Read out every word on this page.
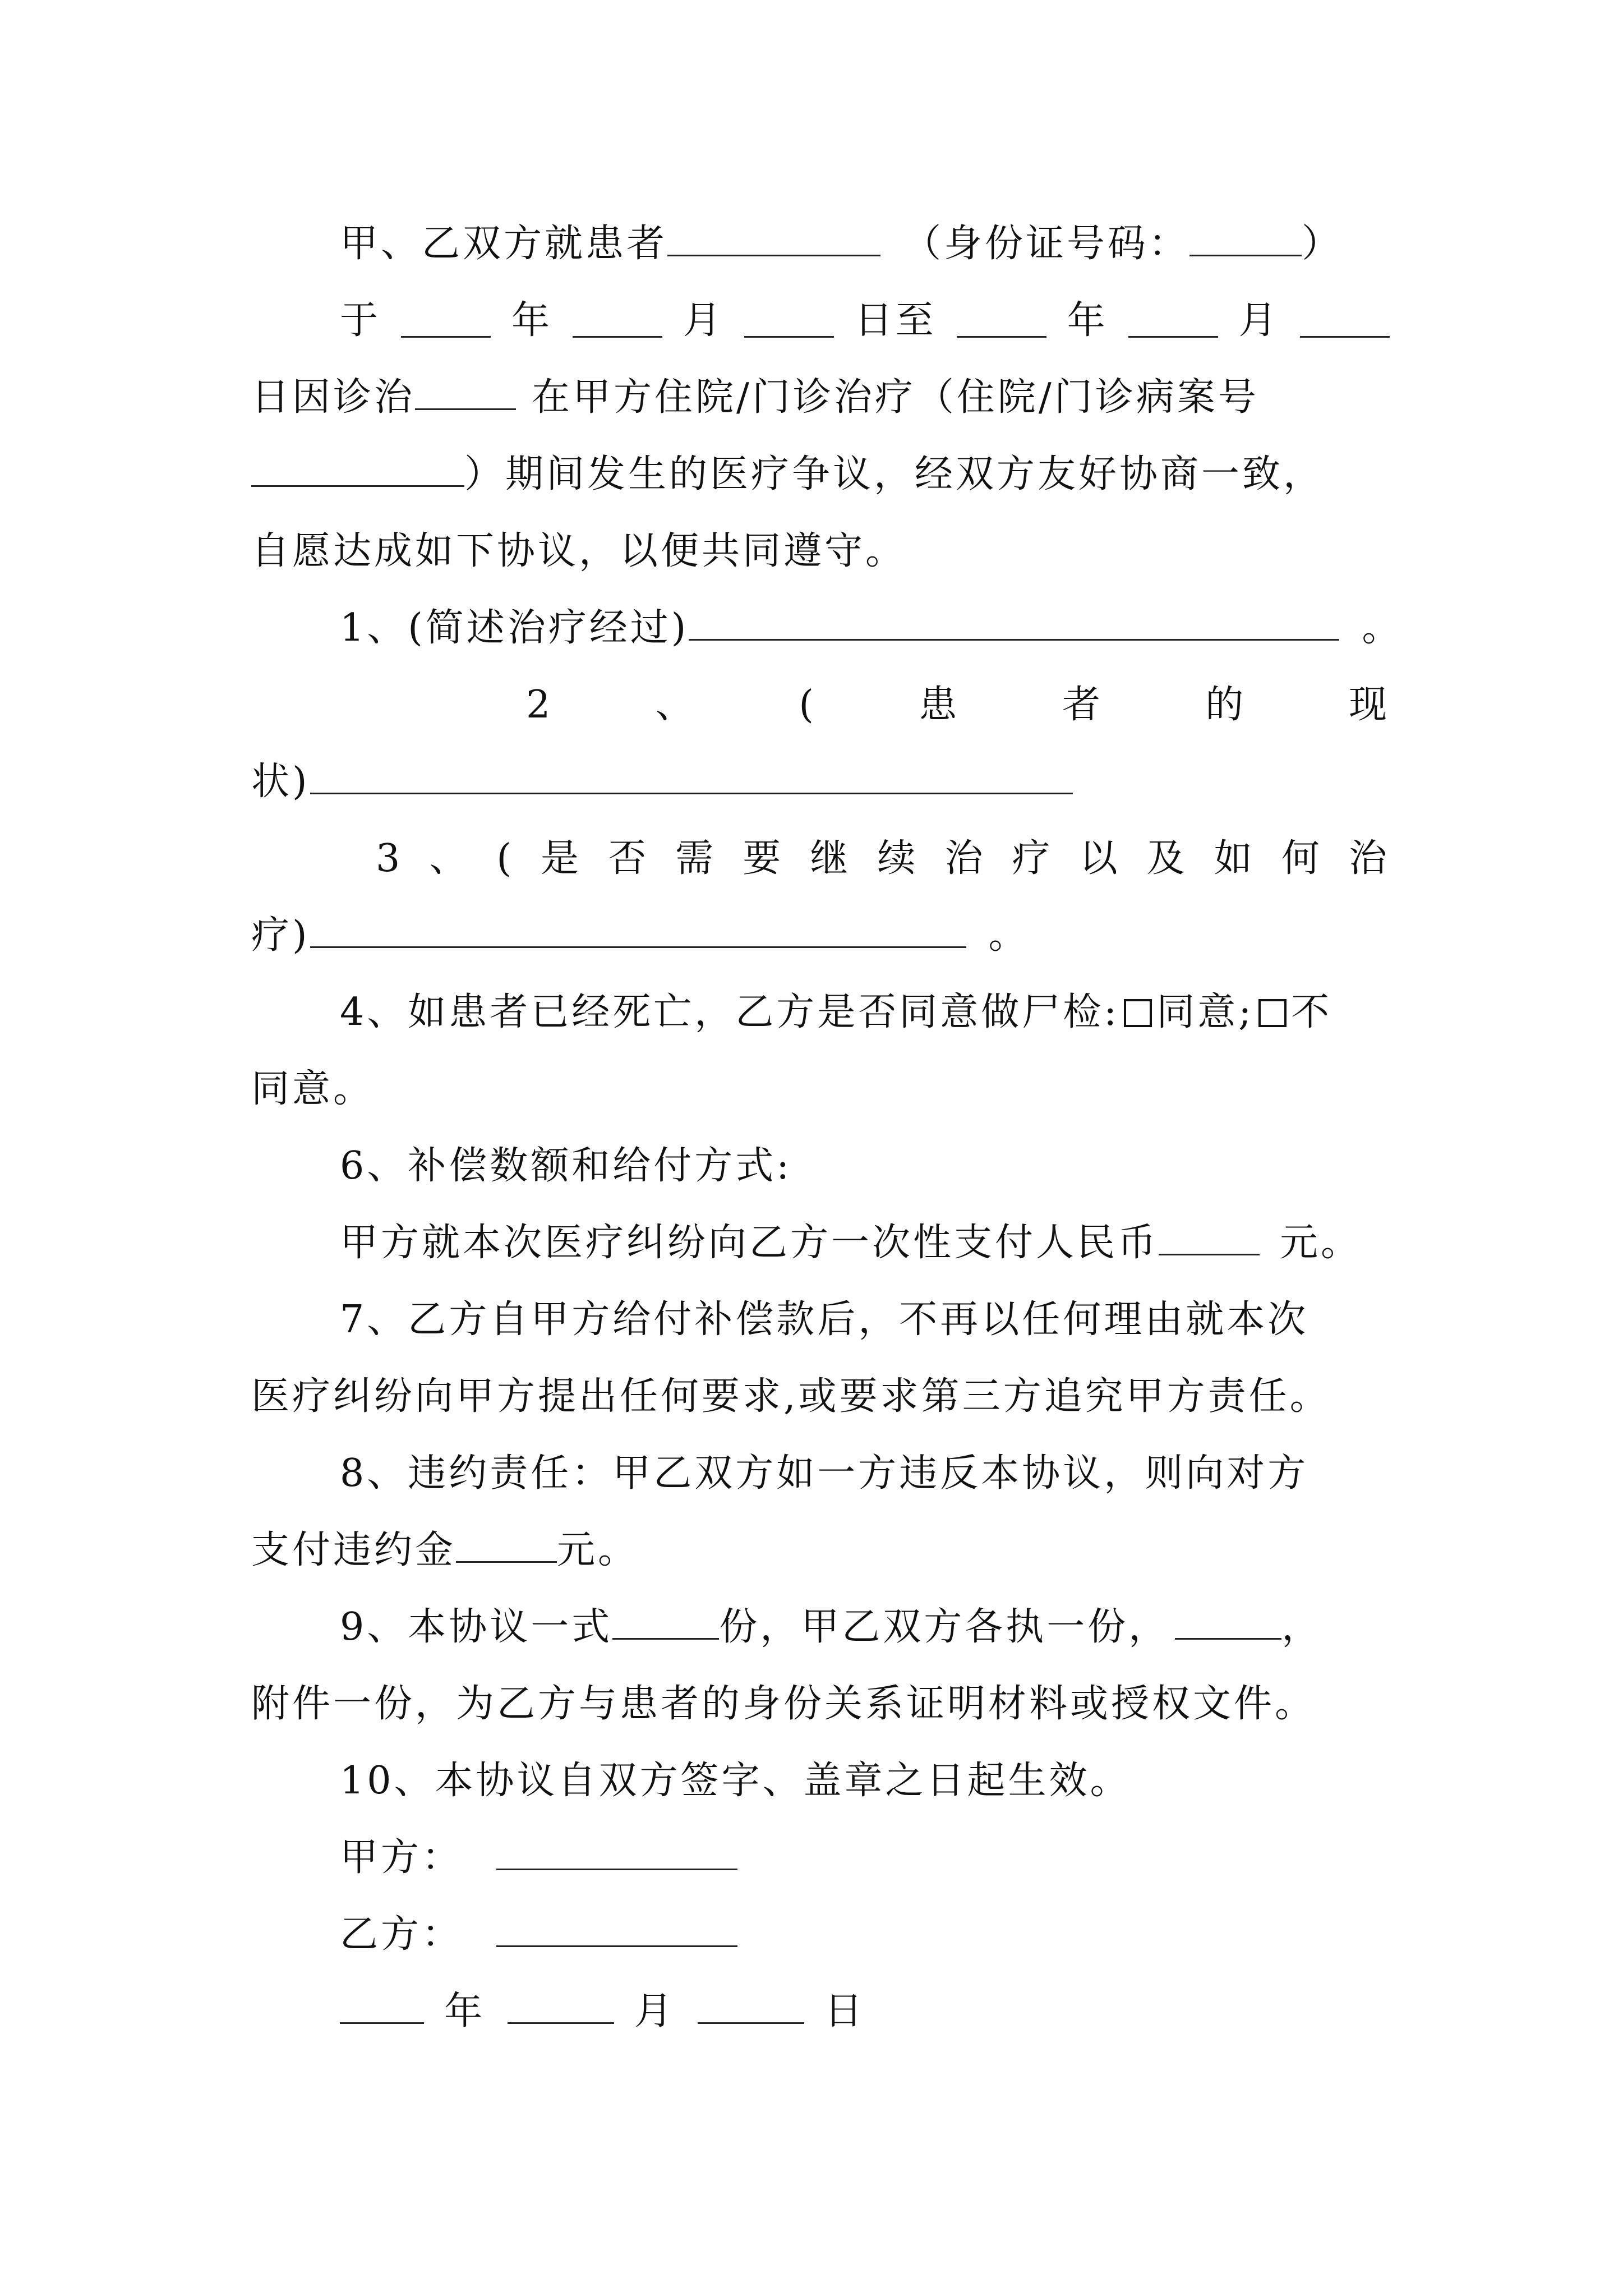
甲、乙双方就患者	（身份证号码：	）
于	年	月	日至	年	月
日因诊治	在甲方住院/门诊治疗（住院/门诊病案号
）期间发生的医疗争议，经双方友好协商一致，
自愿达成如下协议，以便共同遵守。
1、(简述治疗经过)	。
2	、	(	患	者	的	现
状)
3 、 ( 是 否 需 要 继 续 治 疗 以 及 如 何 治
疗)	。
4、如患者已经死亡，乙方是否同意做尸检: 同意; 不
同意。
6、补偿数额和给付方式:
甲方就本次医疗纠纷向乙方一次性支付人民币	元。
7、乙方自甲方给付补偿款后，不再以任何理由就本次
医疗纠纷向甲方提出任何要求,或要求第三方追究甲方责任。
8、违约责任：甲乙双方如一方违反本协议，则向对方
支付违约金	元。
9、本协议一式	份，甲乙双方各执一份，	，
附件一份，为乙方与患者的身份关系证明材料或授权文件。
10、本协议自双方签字、盖章之日起生效。
甲方：
乙方：
年	月	日
